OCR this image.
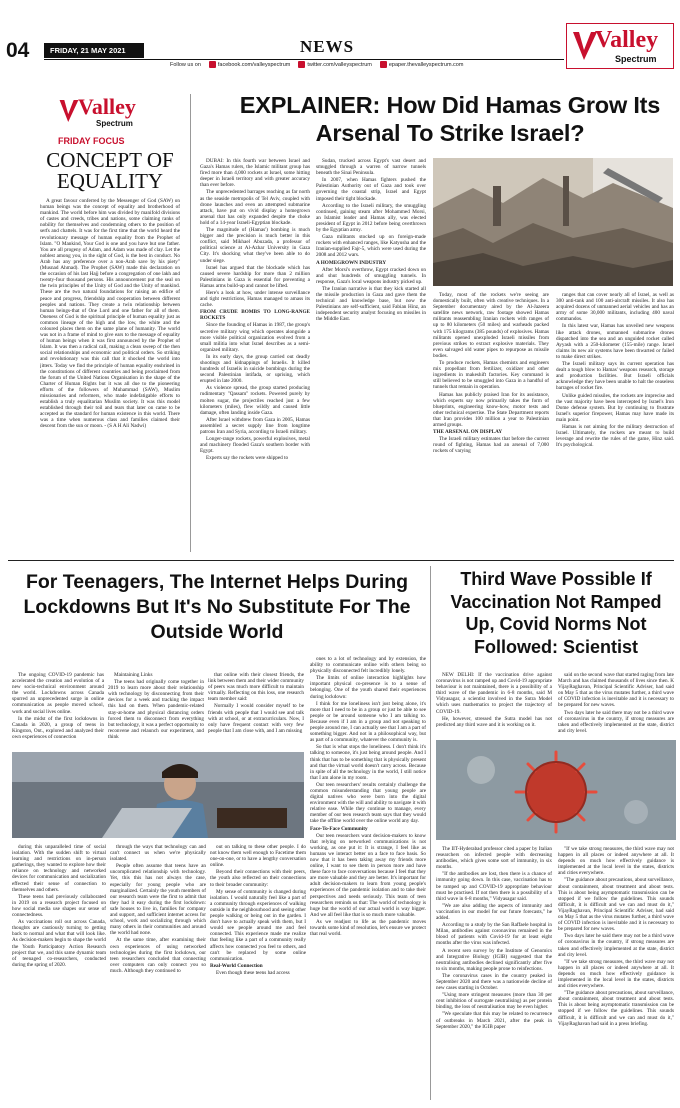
04	FRIDAY, 21 MAY 2021	NEWS
Follow us on	facebook.com/valleyspectrum	twitter.com/valleyspectrum	epaper.thevalleyspectrum.com
Valley
Spectrum
Valley
Spectrum
FRIDAY FOCUS
CONCEPT OF EQUALITY

A great favour conferred by the Messenger of God (SAW) on human beings was the concept of equality and brotherhood of mankind. The world before him was divided by manifold divisions of castes and creeds, tribes and nations, some claiming ranks of nobility for themselves and condemning others to the position of serfs and chattels. It was for the first time that the world heard the revolutionary message of human equality from the Prophet of Islam. "O Mankind, Your God is one and you have but one father. You are all progeny of Adam, and Adam was made of clay. Let the noblest among you, in the sight of God, is the best in conduct. No Arab has any preference over a non-Arab save by his piety" (Musnad Ahmad). The Prophet (SAW) made this declaration on the occasion of his last Hajj before a congregation of one lakh and twenty-four thousand persons. His announcement put the seal on the twin principles of the Unity of God and the Unity of mankind. These are the two natural foundations for raising an edifice of peace and progress, friendship and cooperation between different peoples and nations. They create a twin relationship between human beings-that of One Lord and one father for all of them. Oneness of God is the spiritual principle of human equality just as common lineage of the high and the low, the white and the coloured places them on the same plane of humanity. The world was not in a frame of mind to give ears to the message of equality of human beings when it was first announced by the Prophet of Islam. It was then a radical call, making a clean sweep of the then social relationships and economic and political orders. So striking and revolutionary was this call that it shocked the world into jitters. Today we find the principle of human equality enshrined in the constitutions of different countries and being proclaimed from the forum of the United Nations Organisation in the shape of the Charter of Human Rights but it was all due to the pioneering efforts of the followers of Muhammad (SAW), Muslim missionaries and reformers, who made indefatigable efforts to establish a truly equalitarian Muslim society. It was this model established through their toil and tears that later on came to be accepted as the standard for human existence in this world. There was a time when numerous class and families claimed their descent from the sun or moon. - (S A H Ali Nadwi)

EXPLAINER: How Did Hamas Grow Its Arsenal To Strike Israel?

DUBAI: In this fourth war between Israel and Gaza's Hamas rulers, the Islamic militant group has fired more than 4,000 rockets at Israel, some hitting deeper in Israeli territory and with greater accuracy than ever before.

The unprecedented barrages reaching as far north as the seaside metropolis of Tel Aviv, coupled with drone launches and even an attempted submarine attack, have put on vivid display a homegrown arsenal that has only expanded despite the choke hold of a 14-year Israeli-Egyptian blockade.

The magnitude of (Hamas') bombing is much bigger and the precision is much better in this conflict, said Mikhael Abuzada, a professor of political science at Al-Azhar University in Gaza City. It's shocking what they've been able to do under siege.

Israel has argued that the blockade which has caused severe hardship for more than 2 million Palestinians in Gaza is essential for preventing a Hamas arms build-up and cannot be lifted.

Here's a look at how, under intense surveillance and tight restrictions, Hamas managed to amass its cache.

FROM CRUDE BOMBS TO LONG-RANGE ROCKETS

Since the founding of Hamas in 1987, the group's secretive military wing which operates alongside a more visible political organization evolved from a small militia into what Israel describes as a semi-organized military.

In its early days, the group carried out deadly shootings and kidnappings of Israelis. It killed hundreds of Israelis in suicide bombings during the second Palestinian intifada, or uprising, which erupted in late 2000.

As violence spread, the group started producing rudimentary "Qassam" rockets. Powered purely by molten sugar, the projectiles reached just a few kilometers (miles), flew wildly and caused little damage, often landing inside Gaza.

After Israel withdrew from Gaza in 2005, Hamas assembled a secret supply line from longtime patrons Iran and Syria, according to Israeli military.

Longer-range rockets, powerful explosives, metal and machinery flooded Gaza's southern border with Egypt.

Experts say the rockets were shipped to

Sudan, trucked across Egypt's vast desert and smuggled through a warren of narrow tunnels beneath the Sinai Peninsula.

In 2007, when Hamas fighters pushed the Palestinian Authority out of Gaza and took over governing the coastal strip, Israel and Egypt imposed their tight blockade.

According to the Israeli military, the smuggling continued, gaining steam after Mohammed Morsi, an Islamist leader and Hamas ally, was elected president of Egypt in 2012 before being overthrown by the Egyptian army.

Gaza militants stocked up on foreign-made rockets with enhanced ranges, like Katyusha and the Iranian-supplied Fajr-5, which were used during the 2008 and 2012 wars.

A HOMEGROWN INDUSTRY

After Morsi's overthrow, Egypt cracked down on and shut hundreds of smuggling tunnels. In response, Gaza's local weapons industry picked up.

The Iranian narrative is that they kick started all the missile production in Gaza and gave them the technical and knowledge base, but now the Palestinians are self-sufficient, said Fabian Hinz, an independent security analyst focusing on missiles in the Middle East.

Today, most of the rockets we're seeing are domestically built, often with creative techniques. In a September documentary aired by the Al-Jazeera satellite news network, raw footage showed Hamas militants reassembling Iranian rockets with ranges of up to 80 kilometers (50 miles) and warheads packed with 175 kilograms (385 pounds) of explosives. Hamas militants opened unexploded Israeli missiles from previous strikes to extract explosive materials. They even salvaged old water pipes to repurpose as missile bodies.

To produce rockets, Hamas chemists and engineers mix propellant from fertilizer, oxidizer and other ingredients in makeshift factories. Key command is still believed to be smuggled into Gaza in a handful of tunnels that remain in operation.

Hamas has publicly praised Iran for its assistance, which experts say now primarily takes the form of blueprints, engineering know-how, motor tests and other technical expertise. The State Department reports that Iran provides 100 million a year to Palestinian armed groups.

THE ARSENAL ON DISPLAY

The Israeli military estimates that before the current round of fighting, Hamas had an arsenal of 7,000 rockets of varying

ranges that can cover nearly all of Israel, as well as 300 anti-tank and 100 anti-aircraft missiles. It also has acquired dozens of unmanned aerial vehicles and has an army of some 30,000 militants, including 400 naval commandos.

In this latest war, Hamas has unveiled new weapons like attack drones, unmanned submarine drones dispatched into the sea and an unguided rocket called Ayyash with a 250-kilometer (155-mile) range. Israel claims its new air systems have been thwarted or failed to make direct strikes.

The Israeli military says its current operation has dealt a tough blow to Hamas' weapons research, storage and production facilities. But Israeli officials acknowledge they have been unable to halt the ceaseless barrages of rocket fire.

Unlike guided missiles, the rockets are imprecise and the vast majority have been intercepted by Israel's Iron Dome defense system. But by continuing to frustrate Israel's superior firepower, Hamas may have made its main point.

Hamas is not aiming for the military destruction of Israel. Ultimately, the rockets are meant to build leverage and rewrite the rules of the game, Hinz said. It's psychological.

For Teenagers, The Internet Helps During Lockdowns But It's No Substitute For The Outside World

The ongoing COVID-19 pandemic has accelerated the creation and evolution of a new socio-technical environment around the world. Lockdowns across Canada spurred an unprecedented surge in online communication as people moved school, work and social lives online.

In the midst of the first lockdowns in Canada in 2020, a group of teens in Kingston, Ont., explored and analyzed their own experiences of connection

Maintaining Links

The teens had originally come together in 2019 to learn more about their relationship with technology by disconnecting from their devices for a week and tracking the impact this had on them. When pandemic-related stay-at-home and physical distancing orders forced them to disconnect from everything but technology, it was a perfect opportunity to reconvene and relaunch our experiment, and think

that online with their closest friends, the link between them and their wider community of peers was much more difficult to maintain virtually. Reflecting on this loss, one research team member said:

Normally I would consider myself to be friends with people that I would see and talk with at school, or at extracurriculars. Now, I only have frequent contact with very few people that I am close with, and I am missing

ones to a lot of technology and by extension, the ability to communicate online with others being so physically disconnected felt incredibly lonely.

The limits of online interaction highlights how important physical co-presence is to a sense of belonging. One of the youth shared their experiences during lockdown:

I think for me loneliness isn't just being alone, it's more that I need to be in a group or just be able to see people or be around someone who I am talking to. Because even if I am in a group and not speaking to people around me, I can actually see that I am a part of something bigger. And not in a philosophical way, but as part of a community, whatever the community is.

So that is what stops the loneliness. I don't think it's talking to someone, it's just being around people. And I think that has to be something that is physically present and that the virtual world doesn't carry across. Because in spite of all the technology in the world, I still notice that I am alone in my room.

Our teen researchers' results certainly challenge the common misunderstanding that young people are digital natives who were born into the digital environment with the will and ability to navigate it with relative ease. While they continue to manage, every member of our teen research team says that they would take the offline world over the online world any day.

Face-To-Face Community

Our teen researchers want decision-makers to know that relying on networked communications is not working, as one put it: It is strange, I feel like as humans we interact better on a face to face basis. So now that it has been taking away my friends more online, I want to see them in person more and have these face to face conversations because I feel that they are more valuable and they are better. It's important for adult decision-makers to learn from young people's experiences of the pandemic isolation and to take their perspectives and needs seriously. This team of teen researchers reminds us that: The world of technology is huge but the world of our actual world is way bigger. And we all feel like that is so much more valuable.

As we readjust to life as the pandemic moves towards some kind of resolution, let's ensure we protect that real world.

during this unparalleled time of social isolation. With the sudden shift to virtual learning and restrictions on in-person gatherings, they wanted to explore how their reliance on technology and networked devices for communication and socialization effected their sense of connection to themselves and others.

These teens had previously collaborated in 2019 on a research project focused on how social media use shapes our sense of connectedness.

As vaccinations roll out across Canada, thoughts are cautiously turning to getting back to normal and what that will look like. As decision-makers begin to shape the world the Youth Participatory Action Research project that we, and this same dynamic team of teenaged co-researchers, conducted during the spring of 2020.

through the ways that technology can and can't connect us when we're physically isolated.

People often assume that teens have an uncomplicated relationship with technology. Yet, this this has not always the case, especially for young people who are marginalized. Certainly the youth members of our research team were the first to admit that they had it easy during the first lockdown: safe houses to live in, families for company and support, and sufficient internet access for school, work and socializing through which many others in their communities and around the world had none.

At the same time, after examining their own experiences of using networked technologies during the first lockdown, our teen researchers concluded that connecting over computers can only connect you so much. Although they continued to

out on talking to these other people. I do not know them well enough to Facetime them one-on-one, or to have a lengthy conversation online.

Beyond their connections with their peers, the youth also reflected on their connections to their broader community:

My sense of community is changed during isolation. I would naturally feel like a part of a community through experiences of walking outside in the neighbourhood and seeing other people walking or being out in the garden. I don't have to actually speak with them, but I would see people around me and feel connected. This experience made me realize that feeling like a part of a community really affects how connected you feel to others, and can't be replaced by some online communication.

Real-World Connection

Even though these teens had access

Third Wave Possible If Vaccination Not Ramped Up, Covid Norms Not Followed: Scientist

NEW DELHI: If the vaccination drive against coronavirus is not ramped up and Covid-19 appropriate behaviour is not maintained, there is a possibility of a third wave of the pandemic in 6-8 months, said M Vidyasagar, a scientist involved in the Sutra Model which uses mathematics to project the trajectory of COVID-19.

He, however, stressed the Sutra model has not predicted any third wave and it is working on it.

said on the second wave that started raging from late March and has claimed thousands of lives since then. K VijayRaghavan, Principal Scientific Adviser, had said on May 5 that as the virus mutates further, a third wave of COVID infection is inevitable and it is necessary to be prepared for new waves.

Two days later he said there may not be a third wave of coronavirus in the country, if strong measures are taken and effectively implemented at the state, district and city level.

The IIT-Hyderabad professor cited a paper by Italian researchers on infected people with decreasing antibodies, which gives some sort of immunity, in six months.

"If the antibodies are lost, then there is a chance of immunity going down. In this case, vaccination has to be ramped up and COVID-19 appropriate behaviour must be practised. If not then there is a possibility of a third wave in 6-8 months," Vidyasagar said.

"We are also adding the aspects of immunity and vaccination in our model for our future forecasts," he added.

According to a study by the San Raffaele hospital in Milan, antibodies against coronavirus remained in the blood of patients with Covid-19 for at least eight months after the virus was infected.

A recent sero survey by the Institute of Genomics and Integrative Biology (IGIB) suggested that the neutralising antibodies declined significantly after five to six months, making people prone to reinfections.

The coronavirus cases in the country peaked in September 2020 and there was a nationwide decline of new cases starting in October.

"Using more stringent measures (more than 30 per cent inhibition of surrogate neutralising) as per protein binding, the loss of neutralisation may be even higher.

"We speculate that this may be related to recurrence of outbreaks in March 2021, after the peak in September 2020," the IGIB paper

"If we take strong measures, the third wave may not happen in all places or indeed anywhere at all. It depends on much how effectively guidance is implemented at the local level in the states, districts and cities everywhere.

"The guidance about precautions, about surveillance, about containment, about treatment and about tests. This is about being asymptomatic transmission can be stopped if we follow the guidelines. This sounds difficult, it is difficult and we can and must do it," VijayRaghavan, Principal Scientific Adviser, had said on May 5 that as the virus mutates further, a third wave of COVID infection is inevitable and it is necessary to be prepared for new waves.

Two days later he said there may not be a third wave of coronavirus in the country, if strong measures are taken and effectively implemented at the state, district and city level.

"If we take strong measures, the third wave may not happen in all places or indeed anywhere at all. It depends on much how effectively guidance is implemented in the local level in the states, districts and cities everywhere.

"The guidance about precautions, about surveillance, about containment, about treatment and about tests. This is about being asymptomatic transmission can be stopped if we follow the guidelines. This sounds difficult, it is difficult and we can and must do it," VijayRaghavan had said in a press briefing.
